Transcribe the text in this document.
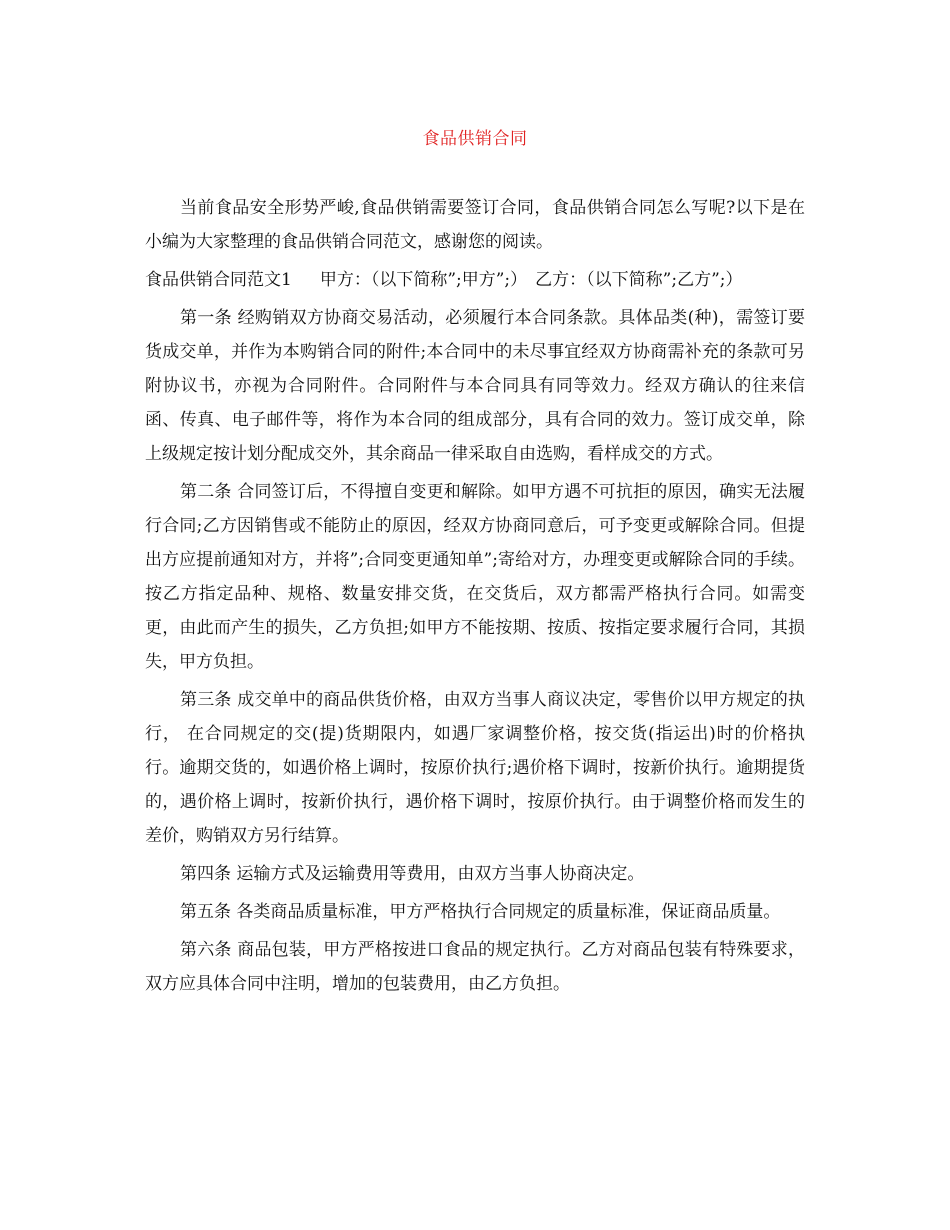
食品供销合同

当前食品安全形势严峻,食品供销需要签订合同，食品供销合同怎么写呢?以下是在小编为大家整理的食品供销合同范文，感谢您的阅读。

食品供销合同范文1 甲方：（以下简称”;甲方”;） 乙方：（以下简称”;乙方”;）

第一条 经购销双方协商交易活动，必须履行本合同条款。具体品类(种)，需签订要货成交单，并作为本购销合同的附件;本合同中的未尽事宜经双方协商需补充的条款可另附协议书，亦视为合同附件。合同附件与本合同具有同等效力。经双方确认的往来信函、传真、电子邮件等，将作为本合同的组成部分，具有合同的效力。签订成交单，除上级规定按计划分配成交外，其余商品一律采取自由选购，看样成交的方式。

第二条 合同签订后，不得擅自变更和解除。如甲方遇不可抗拒的原因，确实无法履行合同;乙方因销售或不能防止的原因，经双方协商同意后，可予变更或解除合同。但提出方应提前通知对方，并将”;合同变更通知单”;寄给对方，办理变更或解除合同的手续。按乙方指定品种、规格、数量安排交货，在交货后，双方都需严格执行合同。如需变更，由此而产生的损失，乙方负担;如甲方不能按期、按质、按指定要求履行合同，其损失，甲方负担。

第三条 成交单中的商品供货价格，由双方当事人商议决定，零售价以甲方规定的执行， 在合同规定的交(提)货期限内，如遇厂家调整价格，按交货(指运出)时的价格执行。逾期交货的，如遇价格上调时，按原价执行;遇价格下调时，按新价执行。逾期提货的，遇价格上调时，按新价执行，遇价格下调时，按原价执行。由于调整价格而发生的差价，购销双方另行结算。

第四条 运输方式及运输费用等费用，由双方当事人协商决定。

第五条 各类商品质量标准，甲方严格执行合同规定的质量标准，保证商品质量。

第六条 商品包装，甲方严格按进口食品的规定执行。乙方对商品包装有特殊要求，双方应具体合同中注明，增加的包装费用，由乙方负担。
